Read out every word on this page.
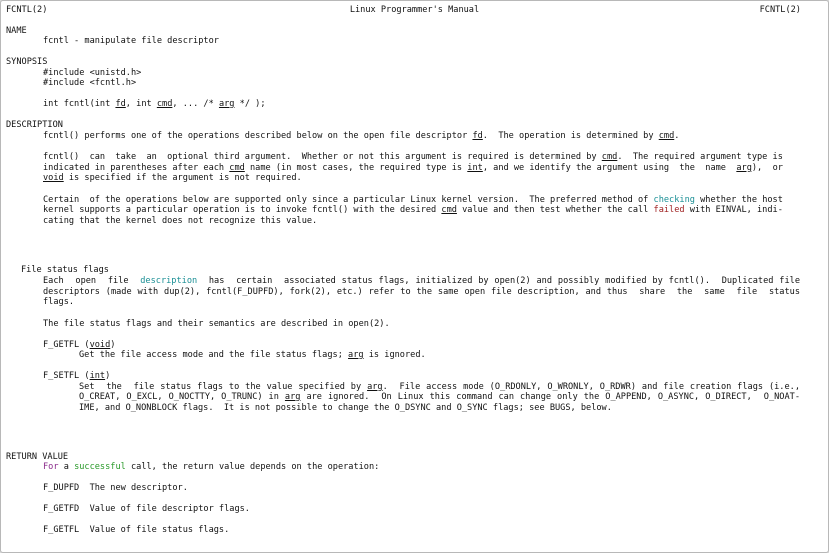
FCNTL(2)	Linux Programmer's Manual	FCNTL(2)
NAME
fcntl - manipulate file descriptor
SYNOPSIS
#include <unistd.h>
#include <fcntl.h>
int fcntl(int fd, int cmd, ... /* arg */ );
DESCRIPTION
fcntl() performs one of the operations described below on the open file descriptor fd.  The operation is determined by cmd.
fcntl()  can  take  an  optional third argument.  Whether or not this argument is required is determined by cmd.  The required argument type is
indicated in parentheses after each cmd name (in most cases, the required type is int, and we identify the argument using  the  name  arg),  or
void is specified if the argument is not required.
Certain  of the operations below are supported only since a particular Linux kernel version.  The preferred method of checking whether the host
kernel supports a particular operation is to invoke fcntl() with the desired cmd value and then test whether the call failed with EINVAL, indi-
cating that the kernel does not recognize this value.
File status flags
Each  open  file  description  has  certain  associated status flags, initialized by open(2) and possibly modified by fcntl().  Duplicated file
descriptors (made with dup(2), fcntl(F_DUPFD), fork(2), etc.) refer to the same open file description, and thus  share  the  same  file  status
flags.
The file status flags and their semantics are described in open(2).
F_GETFL (void)
Get the file access mode and the file status flags; arg is ignored.
F_SETFL (int)
Set  the  file status flags to the value specified by arg.  File access mode (O_RDONLY, O_WRONLY, O_RDWR) and file creation flags (i.e.,
O_CREAT, O_EXCL, O_NOCTTY, O_TRUNC) in arg are ignored.  On Linux this command can change only the O_APPEND, O_ASYNC, O_DIRECT,  O_NOAT-
IME, and O_NONBLOCK flags.  It is not possible to change the O_DSYNC and O_SYNC flags; see BUGS, below.
RETURN VALUE
For a successful call, the return value depends on the operation:
F_DUPFD The new descriptor.
F_GETFD Value of file descriptor flags.
F_GETFL Value of file status flags.
